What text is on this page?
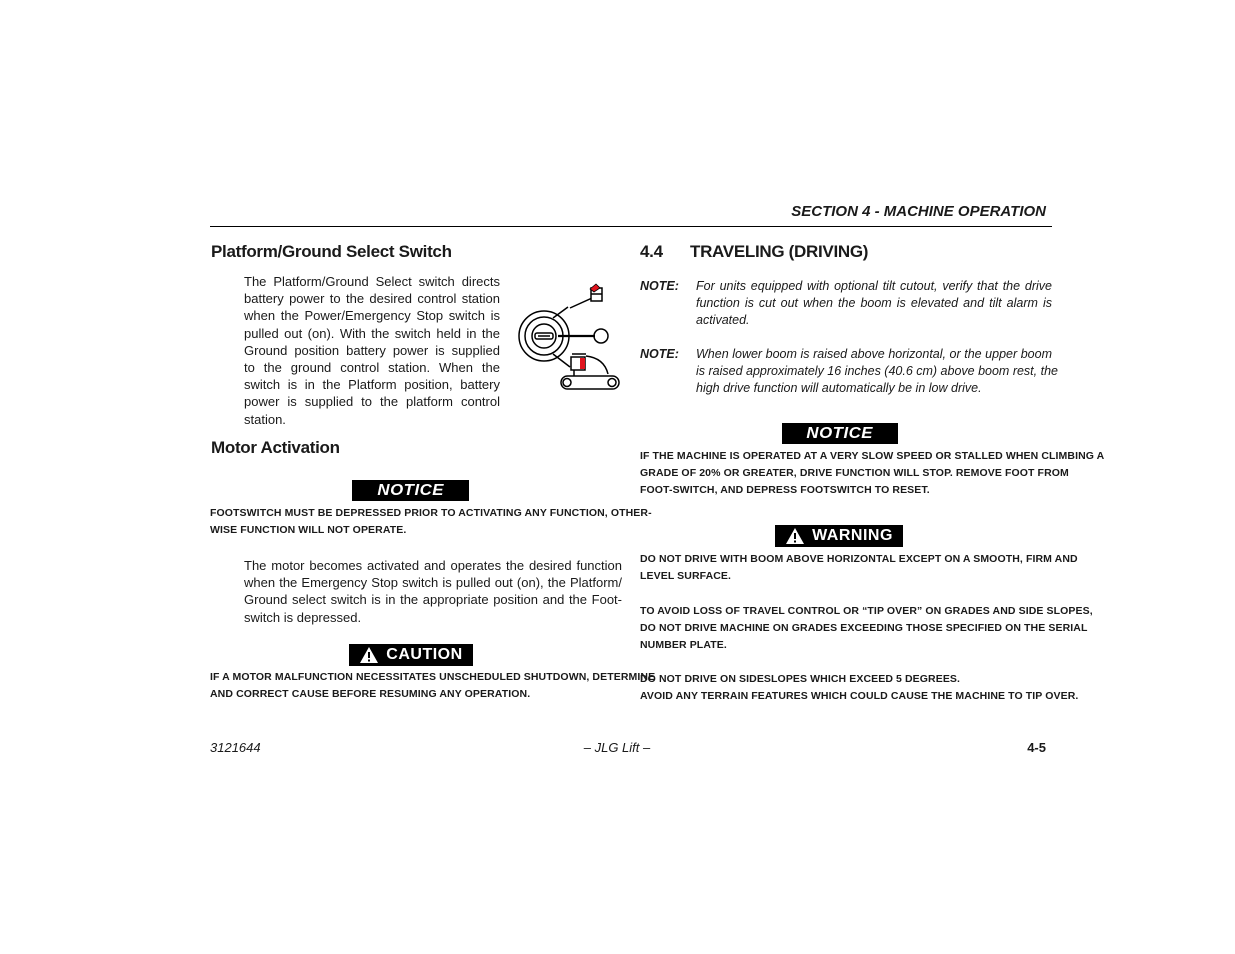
SECTION 4 - MACHINE OPERATION
Platform/Ground Select Switch
The Platform/Ground Select switch directs
battery power to the desired control station
when the Power/Emergency Stop switch is
pulled out (on). With the switch held in the
Ground position battery power is supplied
to the ground control station. When the
switch is in the Platform position, battery
power is supplied to the platform control
station.
Motor Activation
NOTICE
FOOTSWITCH MUST BE DEPRESSED PRIOR TO ACTIVATING ANY FUNCTION, OTHER-
WISE FUNCTION WILL NOT OPERATE.
The motor becomes activated and operates the desired function
when the Emergency Stop switch is pulled out (on), the Platform/
Ground select switch is in the appropriate position and the Foot-
switch is depressed.
CAUTION
IF A MOTOR MALFUNCTION NECESSITATES UNSCHEDULED SHUTDOWN, DETERMINE
AND CORRECT CAUSE BEFORE RESUMING ANY OPERATION.
4.4 TRAVELING (DRIVING)
NOTE: For units equipped with optional tilt cutout, verify that the drive
function is cut out when the boom is elevated and tilt alarm is
activated.
NOTE: When lower boom is raised above horizontal, or the upper boom
is raised approximately 16 inches (40.6 cm) above boom rest, the
high drive function will automatically be in low drive.
NOTICE
IF THE MACHINE IS OPERATED AT A VERY SLOW SPEED OR STALLED WHEN CLIMBING A
GRADE OF 20% OR GREATER, DRIVE FUNCTION WILL STOP. REMOVE FOOT FROM
FOOT-SWITCH, AND DEPRESS FOOTSWITCH TO RESET.
WARNING
DO NOT DRIVE WITH BOOM ABOVE HORIZONTAL EXCEPT ON A SMOOTH, FIRM AND
LEVEL SURFACE.
TO AVOID LOSS OF TRAVEL CONTROL OR “TIP OVER” ON GRADES AND SIDE SLOPES,
DO NOT DRIVE MACHINE ON GRADES EXCEEDING THOSE SPECIFIED ON THE SERIAL
NUMBER PLATE.
DO NOT DRIVE ON SIDESLOPES WHICH EXCEED 5 DEGREES.
AVOID ANY TERRAIN FEATURES WHICH COULD CAUSE THE MACHINE TO TIP OVER.
3121644	– JLG Lift –	4-5
